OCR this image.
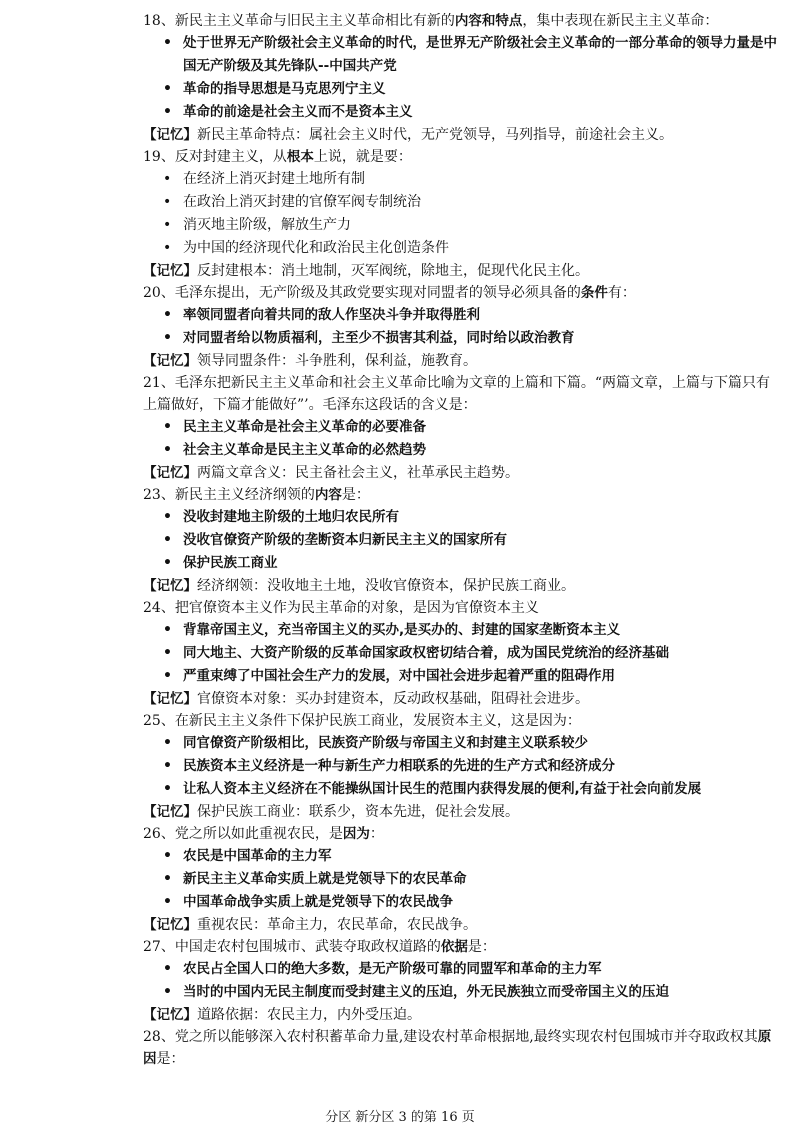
18、新民主主义革命与旧民主主义革命相比有新的内容和特点，集中表现在新民主主义革命：
• 处于世界无产阶级社会主义革命的时代，是世界无产阶级社会主义革命的一部分革命的领导力量是中国无产阶级及其先锋队--中国共产党
• 革命的指导思想是马克思列宁主义
• 革命的前途是社会主义而不是资本主义
【记忆】新民主革命特点：属社会主义时代，无产党领导，马列指导，前途社会主义。
19、反对封建主义，从根本上说，就是要：
• 在经济上消灭封建土地所有制
• 在政治上消灭封建的官僚军阀专制统治
• 消灭地主阶级，解放生产力
• 为中国的经济现代化和政治民主化创造条件
【记忆】反封建根本：消土地制，灭军阀统，除地主，促现代化民主化。
20、毛泽东提出，无产阶级及其政党要实现对同盟者的领导必须具备的条件有：
• 率领同盟者向着共同的敌人作坚决斗争并取得胜利
• 对同盟者给以物质福利，主至少不损害其利益，同时给以政治教育
【记忆】领导同盟条件：斗争胜利，保利益，施教育。
21、毛泽东把新民主主义革命和社会主义革命比喻为文章的上篇和下篇。“两篇文章，上篇与下篇只有上篇做好，下篇才能做好”’。毛泽东这段话的含义是：
• 民主主义革命是社会主义革命的必要准备
• 社会主义革命是民主主义革命的必然趋势
【记忆】两篇文章含义：民主备社会主义，社革承民主趋势。
23、新民主主义经济纲领的内容是：
• 没收封建地主阶级的土地归农民所有
• 没收官僚资产阶级的垄断资本归新民主主义的国家所有
• 保护民族工商业
【记忆】经济纲领：没收地主土地，没收官僚资本，保护民族工商业。
24、把官僚资本主义作为民主革命的对象，是因为官僚资本主义
• 背靠帝国主义，充当帝国主义的买办,是买办的、封建的国家垄断资本主义
• 同大地主、大资产阶级的反革命国家政权密切结合着，成为国民党统治的经济基础
• 严重束缚了中国社会生产力的发展，对中国社会进步起着严重的阻碍作用
【记忆】官僚资本对象：买办封建资本，反动政权基础，阻碍社会进步。
25、在新民主主义条件下保护民族工商业，发展资本主义，这是因为：
• 同官僚资产阶级相比，民族资产阶级与帝国主义和封建主义联系较少
• 民族资本主义经济是一种与新生产力相联系的先进的生产方式和经济成分
• 让私人资本主义经济在不能操纵国计民生的范围内获得发展的便利,有益于社会向前发展
【记忆】保护民族工商业：联系少，资本先进，促社会发展。
26、党之所以如此重视农民，是因为：
• 农民是中国革命的主力军
• 新民主主义革命实质上就是党领导下的农民革命
• 中国革命战争实质上就是党领导下的农民战争
【记忆】重视农民：革命主力，农民革命，农民战争。
27、中国走农村包围城市、武装夺取政权道路的依据是：
• 农民占全国人口的绝大多数，是无产阶级可靠的同盟军和革命的主力军
• 当时的中国内无民主制度而受封建主义的压迫，外无民族独立而受帝国主义的压迫
【记忆】道路依据：农民主力，内外受压迫。
28、党之所以能够深入农村积蓄革命力量,建设农村革命根据地,最终实现农村包围城市并夺取政权其原因是：
分区 新分区 3 的第 16 页
